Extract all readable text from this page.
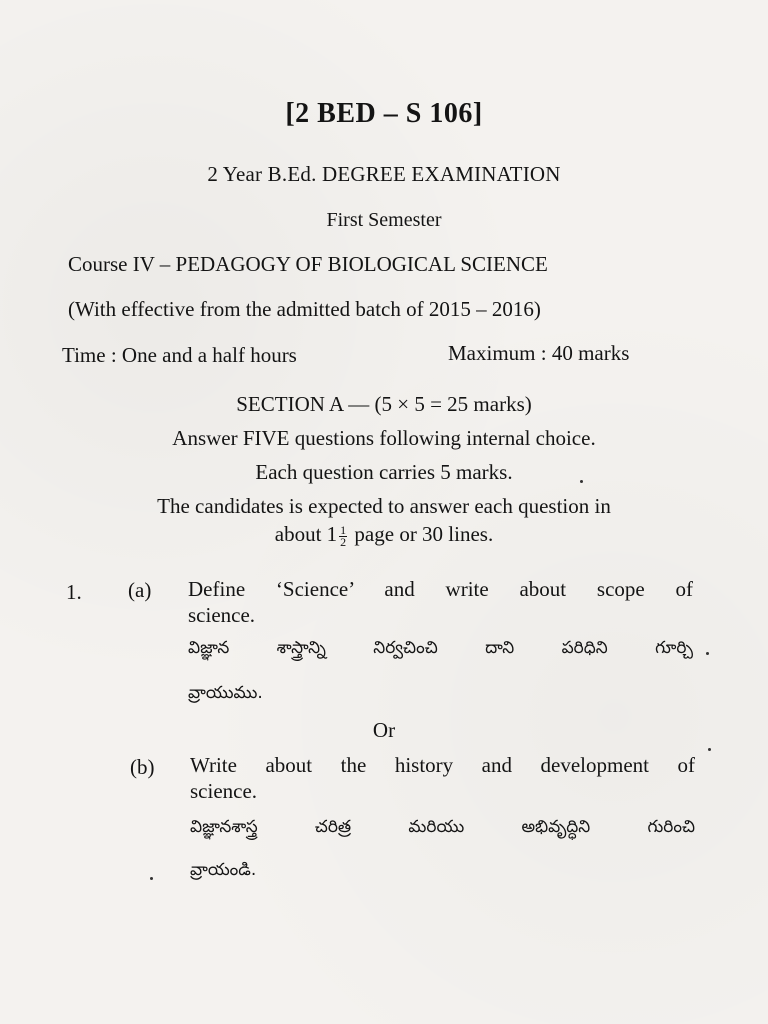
[2 BED – S 106]
2 Year B.Ed. DEGREE EXAMINATION
First Semester
Course IV – PEDAGOGY OF BIOLOGICAL SCIENCE
(With effective from the admitted batch of 2015 – 2016)
Time : One and a half hours	Maximum : 40 marks
SECTION A — (5 × 5 = 25 marks)
Answer FIVE questions following internal choice.
Each question carries 5 marks.
The candidates is expected to answer each question in
about $1 \frac{1}{2}$ page or 30 lines.
1. (a) Define ‘Science’ and write about scope of
science.
విజ్ఞాన శాస్త్రాన్ని నిర్వచించి దాని పరిధిని గూర్చి
వ్రాయుము.
Or
(b) Write about the history and development of
science.
విజ్ఞానశాస్త్ర చరిత్ర మరియు అభివృద్ధిని గురించి
వ్రాయండి.
